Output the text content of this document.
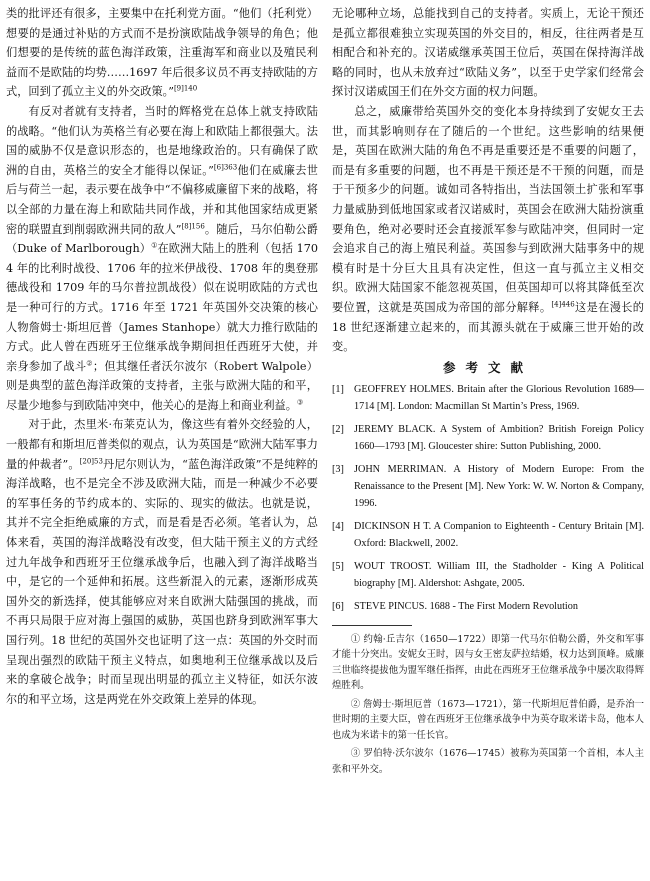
类的批评还有很多，主要集中在托利党方面。“他们（托利党）想要的是通过补贴的方式而不是扮演欧陆战争领导的角色；他们想要的是传统的蓝色海洋政策，注重海军和商业以及殖民利益而不是欧陆的均势……1697 年后很多议员不再支持欧陆的方式，回到了孤立主义的外交政策。”$^{[9]140}$

有反对者就有支持者，当时的辉格党在总体上就支持欧陆的战略。“他们认为英格兰有必要在海上和欧陆上都很强大。法国的威胁不仅是意识形态的，也是地缘政治的。只有确保了欧洲的自由，英格兰的安全才能得以保证。”$^{[6]363}$他们在威廉去世后与荷兰一起，表示要在战争中“不偏移威廉留下来的战略，将以全部的力量在海上和欧陆共同作战，并和其他国家结成更紧密的联盟直到削弱欧洲共同的敌人”$^{[8]156}$。随后，马尔伯勒公爵（Duke of Marlborough）①在欧洲大陆上的胜利（包括 1704 年的比利时战役、1706 年的拉米伊战役、1708 年的奥登那德战役和 1709 年的马尔普拉凯战役）似在说明欧陆的方式也是一种可行的方式。1716 年至 1721 年英国外交决策的核心人物詹姆士·斯坦厄普（James Stanhope）就大力推行欧陆的方式。此人曾在西班牙王位继承战争期间担任西班牙大使，并亲身参加了战斗②；但其继任者沃尔波尔（Robert Walpole）则是典型的蓝色海洋政策的支持者，主张与欧洲大陆的和平，尽量少地参与到欧陆冲突中，他关心的是海上和商业利益。③

对于此，杰里米·布莱克认为，像这些有着外交经验的人，一般都有和斯坦厄普类似的观点，认为英国是“欧洲大陆军事力量的仲裁者”。$^{[20]53}$丹尼尔则认为，“蓝色海洋政策”不是纯粹的海洋战略，也不是完全不涉及欧洲大陆，而是一种减少不必要的军事任务的节约成本的、实际的、现实的做法。也就是说，其并不完全拒绝威廉的方式，而是看是否必须。笔者认为，总体来看，英国的海洋战略没有改变，但大陆干预主义的方式经过九年战争和西班牙王位继承战争后，也融入到了海洋战略当中，是它的一个延伸和拓展。这些新混入的元素，逐渐形成英国外交的新选择，使其能够应对来自欧洲大陆强国的挑战，而不再只局限于应对海上强国的威胁，英国也跻身到欧洲军事大国行列。18 世纪的英国外交也证明了这一点：英国的外交时而呈现出强烈的欧陆干预主义特点，如奥地利王位继承战以及后来的拿破仑战争；时而呈现出明显的孤立主义特征，如沃尔波尔的和平立场，这是两党在外交政策上差异的体现。

无论哪种立场，总能找到自己的支持者。实质上，无论干预还是孤立都很难独立实现英国的外交目的，相反，往往两者是互相配合和补充的。汉诺威继承英国王位后，英国在保持海洋战略的同时，也从未放弃过“欧陆义务”，以至于史学家们经常会探讨汉诺威国王们在外交方面的权力问题。

总之，威廉带给英国外交的变化本身持续到了安妮女王去世，而其影响则存在了随后的一个世纪。这些影响的结果便是，英国在欧洲大陆的角色不再是重要还是不重要的问题了，而是有多重要的问题，也不再是干预还是不干预的问题，而是于干预多少的问题。诚如司各特指出，当法国领土扩张和军事力量威胁到低地国家或者汉诺威时，英国会在欧洲大陆扮演重要角色，绝对必要时还会直接派军参与欧陆冲突，但同时一定会追求自己的海上殖民利益。英国参与到欧洲大陆事务中的规模有时是十分巨大且具有决定性，但这一直与孤立主义相交织。欧洲大陆国家不能忽视英国，但英国却可以将其降低至次要位置，这就是英国成为帝国的部分解释。$^{[4]446}$这是在漫长的 18 世纪逐渐建立起来的，而其源头就在于威廉三世开始的改变。

参考文献
[1] GEOFFREY HOLMES. Britain after the Glorious Revolution 1689—1714 [M]. London: Macmillan St Martin’s Press, 1969.
[2] JEREMY BLACK. A System of Ambition? British Foreign Policy 1660—1793 [M]. Gloucester shire: Sutton Publishing, 2000.
[3] JOHN MERRIMAN. A History of Modern Europe: From the Renaissance to the Present [M]. New York: W. W. Norton & Company, 1996.
[4] DICKINSON H T. A Companion to Eighteenth - Century Britain [M]. Oxford: Blackwell, 2002.
[5] WOUT TROOST. William III, the Stadholder - King A Political biography [M]. Aldershot: Ashgate, 2005.
[6] STEVE PINCUS. 1688 - The First Modern Revolution

① 约翰·丘吉尔（1650—1722）即第一代马尔伯勒公爵，外交和军事才能十分突出。安妮女王时，因与女王密友萨拉结婚，权力达到顶峰。威廉三世临终提拔他为盟军继任指挥，由此在西班牙王位继承战争中屡次取得辉煌胜利。

② 詹姆士·斯坦厄普（1673—1721），第一代斯坦厄普伯爵，是乔治一世时期的主要大臣，曾在西班牙王位继承战争中为英夺取米诺卡岛，他本人也成为米诺卡的第一任长官。

③ 罗伯特·沃尔波尔（1676—1745）被称为英国第一个首相，本人主张和平外交。
